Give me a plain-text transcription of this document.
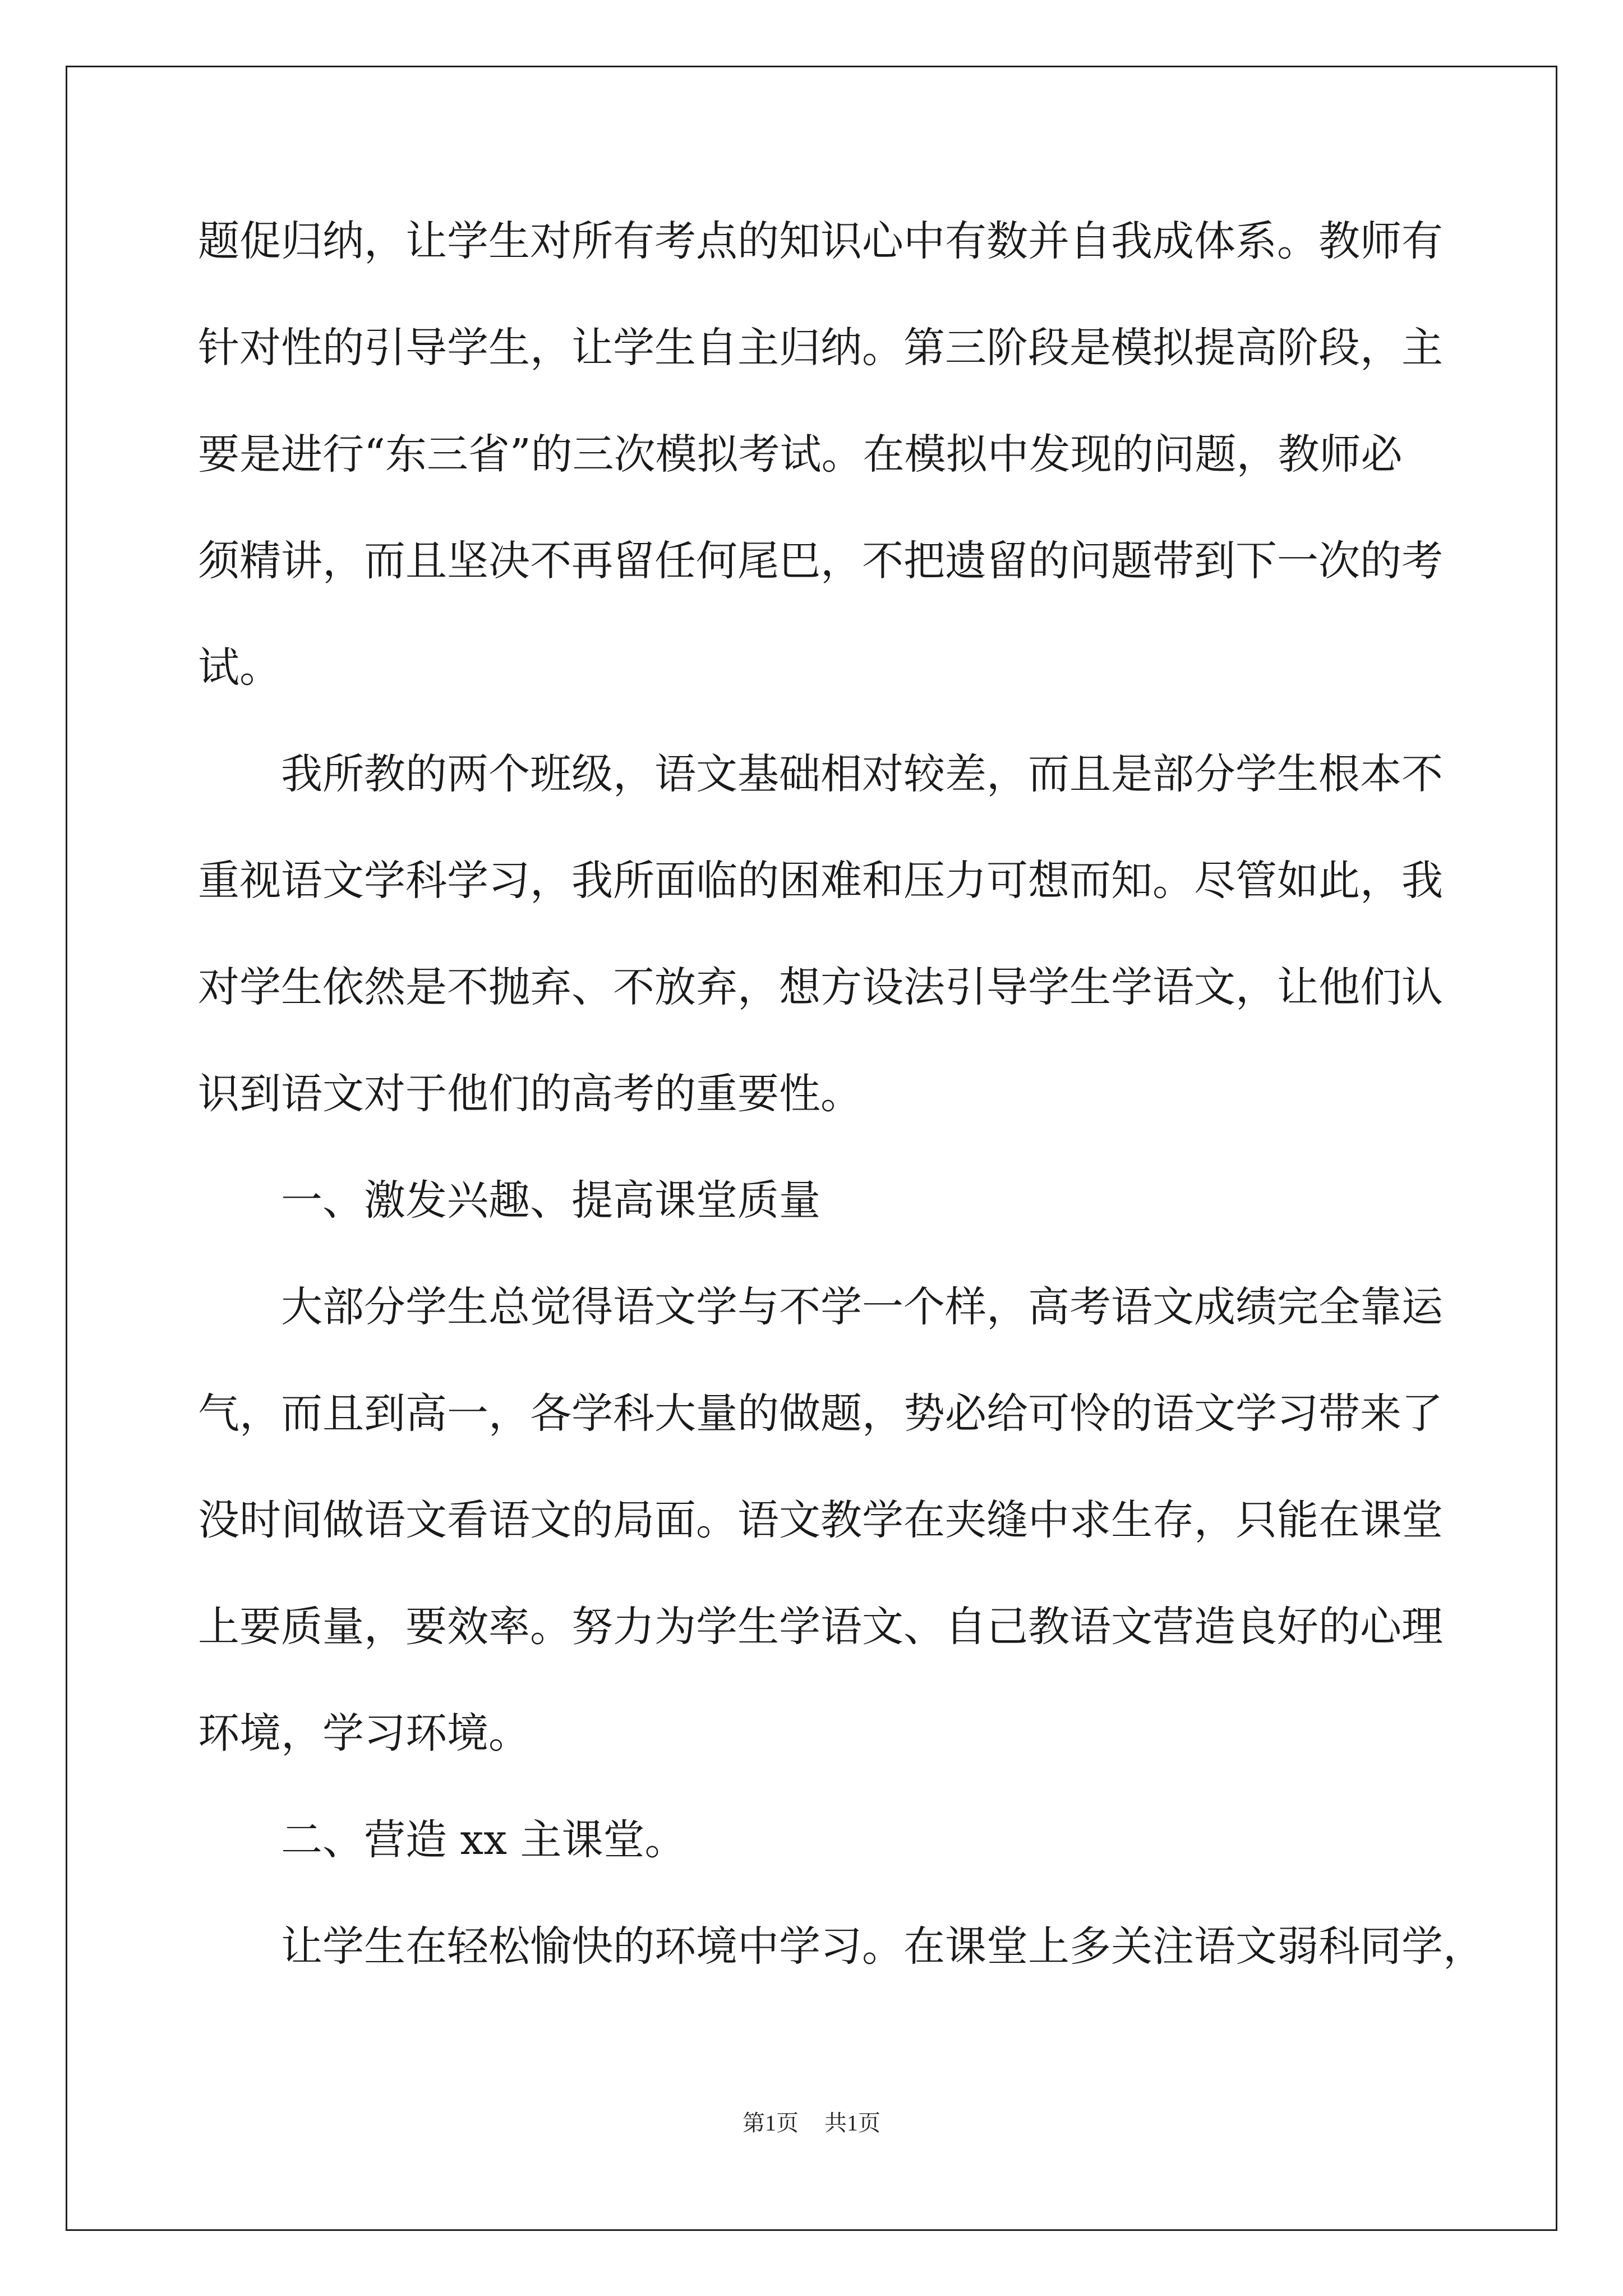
题促归纳，让学生对所有考点的知识心中有数并自我成体系。教师有
针对性的引导学生，让学生自主归纳。第三阶段是模拟提高阶段，主
要是进行“东三省”的三次模拟考试。在模拟中发现的问题，教师必
须精讲，而且坚决不再留任何尾巴，不把遗留的问题带到下一次的考
试。
我所教的两个班级，语文基础相对较差，而且是部分学生根本不
重视语文学科学习，我所面临的困难和压力可想而知。尽管如此，我
对学生依然是不抛弃、不放弃，想方设法引导学生学语文，让他们认
识到语文对于他们的高考的重要性。
一、激发兴趣、提高课堂质量
大部分学生总觉得语文学与不学一个样，高考语文成绩完全靠运
气，而且到高一，各学科大量的做题，势必给可怜的语文学习带来了
没时间做语文看语文的局面。语文教学在夹缝中求生存，只能在课堂
上要质量，要效率。努力为学生学语文、自己教语文营造良好的心理
环境，学习环境。
二、营造 xx 主课堂。
让学生在轻松愉快的环境中学习。在课堂上多关注语文弱科同学，
第1页 共1页
